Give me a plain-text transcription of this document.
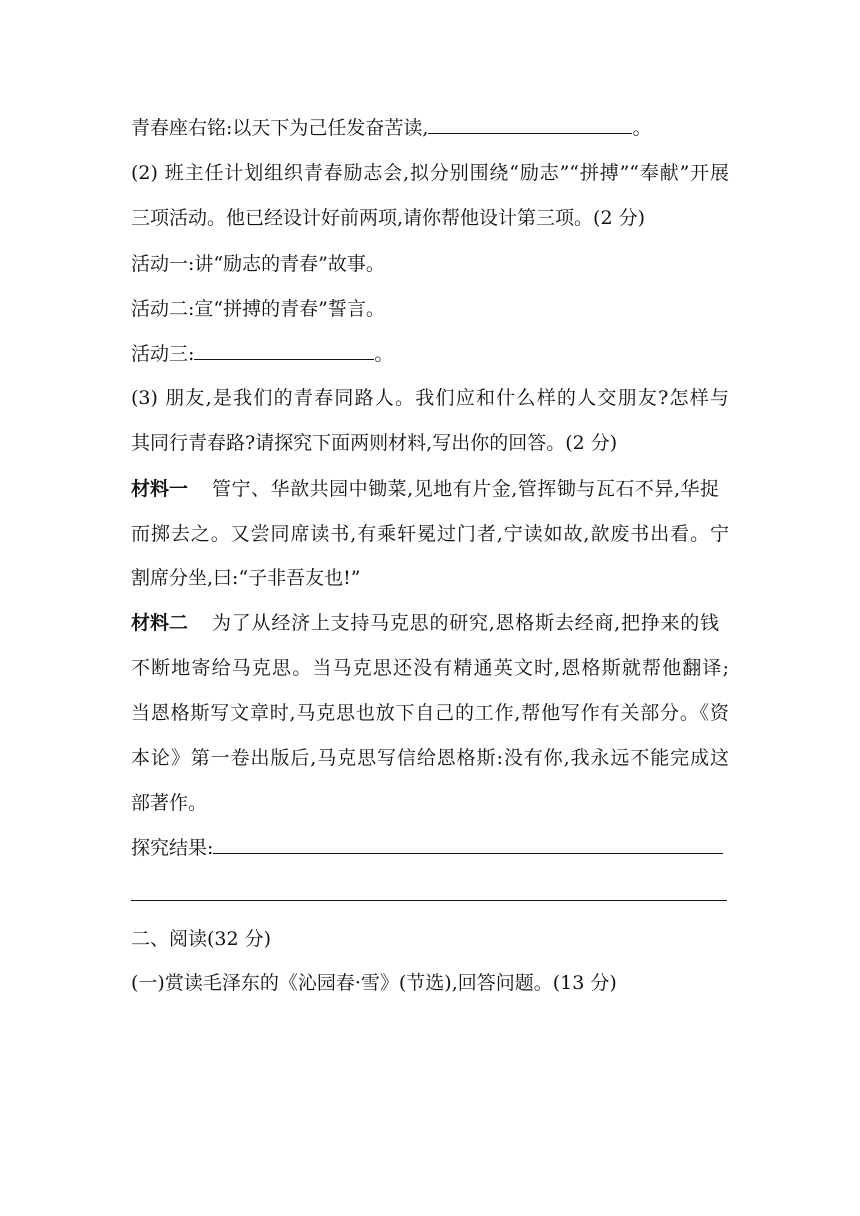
青春座右铭:以天下为己任发奋苦读,	。
(2) 班主任计划组织青春励志会,拟分别围绕“励志”“拼搏”“奉献”开展
三项活动。他已经设计好前两项,请你帮他设计第三项。(2 分)
活动一:讲“励志的青春”故事。
活动二:宣“拼搏的青春”誓言。
活动三:	。
(3) 朋友,是我们的青春同路人。我们应和什么样的人交朋友?怎样与
其同行青春路?请探究下面两则材料,写出你的回答。(2 分)
材料一 管宁、华歆共园中锄菜,见地有片金,管挥锄与瓦石不异,华捉
而掷去之。又尝同席读书,有乘轩冕过门者,宁读如故,歆废书出看。宁
割席分坐,曰:“子非吾友也!”
材料二 为了从经济上支持马克思的研究,恩格斯去经商,把挣来的钱
不断地寄给马克思。当马克思还没有精通英文时,恩格斯就帮他翻译;
当恩格斯写文章时,马克思也放下自己的工作,帮他写作有关部分。《资
本论》第一卷出版后,马克思写信给恩格斯:没有你,我永远不能完成这
部著作。
探究结果:
二、阅读(32 分)
(一)赏读毛泽东的《沁园春·雪》(节选),回答问题。(13 分)
